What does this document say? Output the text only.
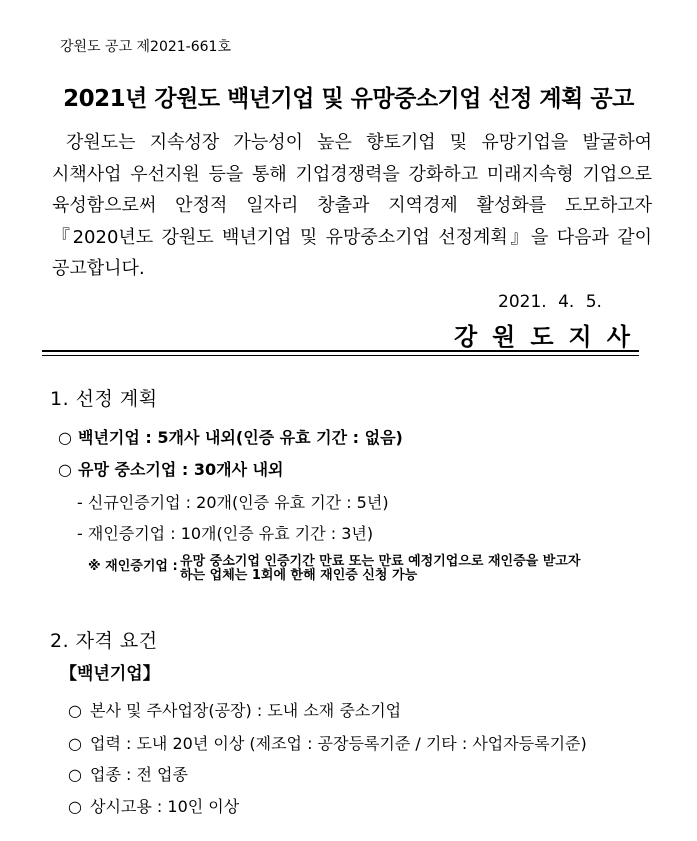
강원도 공고 제2021-661호
2021년 강원도 백년기업 및 유망중소기업 선정 계획 공고
강원도는 지속성장 가능성이 높은 향토기업 및 유망기업을 발굴하여
시책사업 우선지원 등을 통해 기업경쟁력을 강화하고 미래지속형 기업으로
육성함으로써 안정적 일자리 창출과 지역경제 활성화를 도모하고자
『2020년도 강원도 백년기업 및 유망중소기업 선정계획』을 다음과 같이
공고합니다.
2021. 4. 5.
강원도지사
1. 선정 계획
○ 백년기업 : 5개사 내외(인증 유효 기간 : 없음)
○ 유망 중소기업 : 30개사 내외
- 신규인증기업 : 20개(인증 유효 기간 : 5년)
- 재인증기업 : 10개(인증 유효 기간 : 3년)
※ 재인증기업 : 유망 중소기업 인증기간 만료 또는 만료 예정기업으로 재인증을 받고자
하는 업체는 1회에 한해 재인증 신청 가능
2. 자격 요건
【백년기업】
○ 본사 및 주사업장(공장) : 도내 소재 중소기업
○ 업력 : 도내 20년 이상 (제조업 : 공장등록기준 / 기타 : 사업자등록기준)
○ 업종 : 전 업종
○ 상시고용 : 10인 이상
